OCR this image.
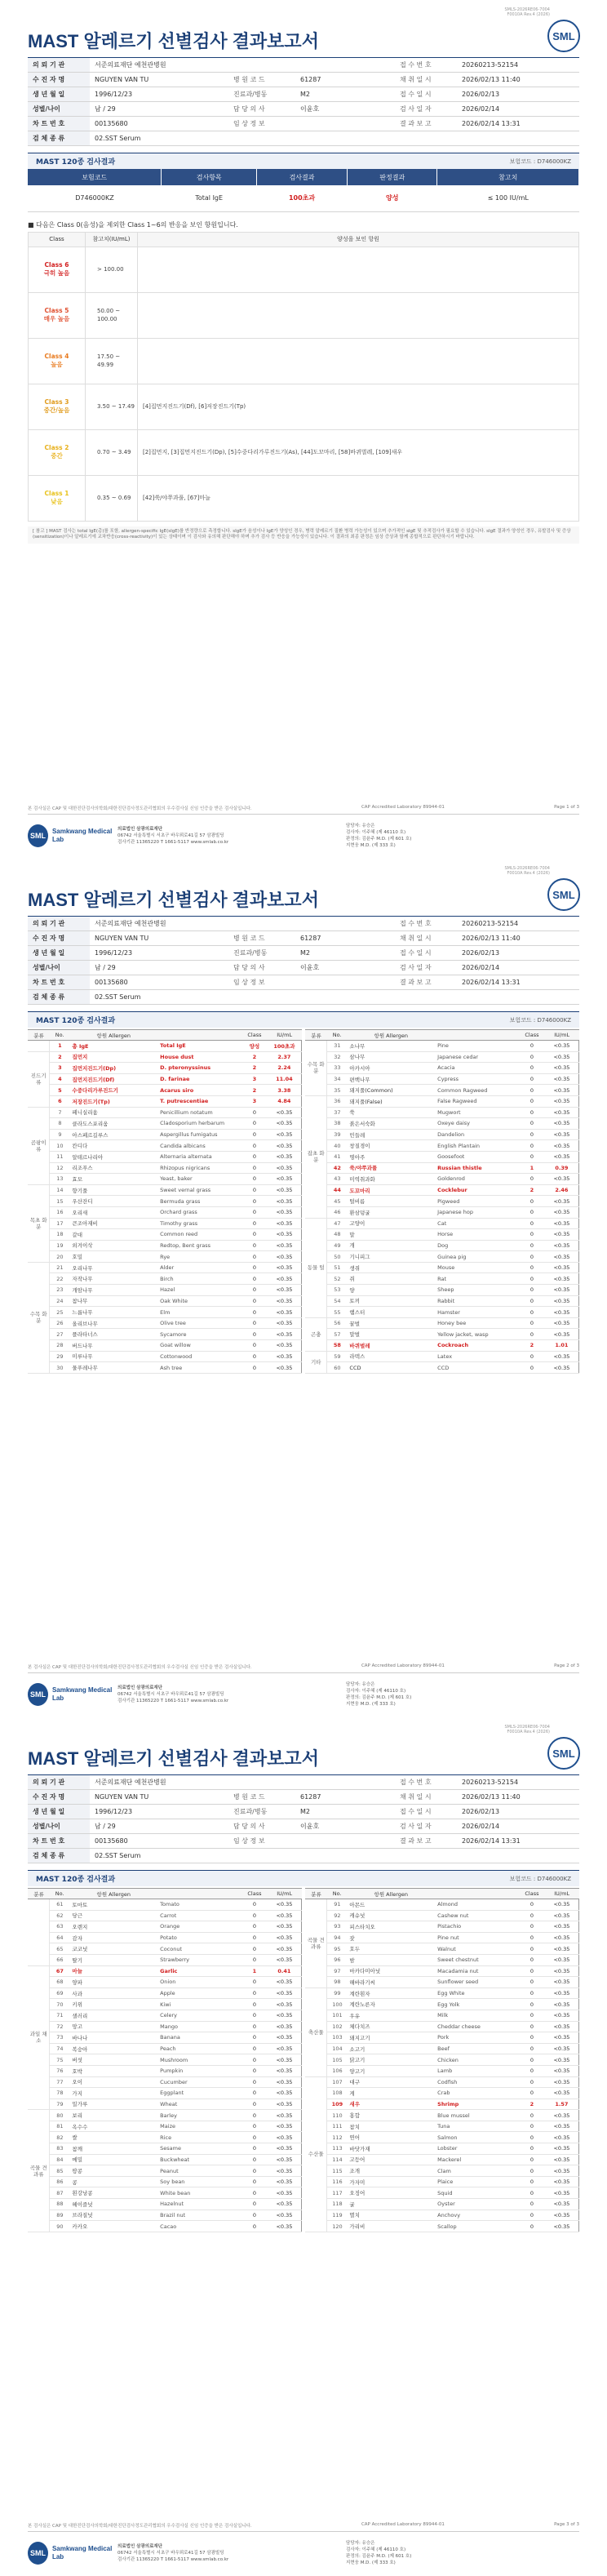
SMLS-2026RE06-7004
F0010A Rev.4 (2026)
SML
MAST 알레르기 선별검사 결과보고서
의 뢰 기 관	서준의료재단 예천관병원			접 수 번 호	20260213-52154
수 진 자 명	NGUYEN VAN TU	병 원 코 드	61287	채 취 일 시	2026/02/13 11:40
생 년 월 일	1996/12/23	진료과/병동	M2	접 수 일 시	2026/02/13
성별/나이	남 / 29	담 당 의 사	이윤호	검 사 일 자	2026/02/14
차 트 번 호	00135680	임 상 정 보		결 과 보 고	2026/02/14 13:31
검 체 종 류	02.SST Serum				
MAST 120종 검사결과	보험코드 : D746000KZ
보험코드	검사항목	검사결과	판정결과	참고치
D746000KZ	Total IgE	100초과	양성	≤ 100 IU/mL
■ 다음은 Class 0(음성)을 제외한 Class 1~6의 반응을 보인 항원입니다.
Class	참고치(IU/mL)	양성을 보인 항원

Class 6
극히 높음	> 100.00	

Class 5
매우 높음	50.00 ~ 100.00	

Class 4
높음	17.50 ~ 49.99	

Class 3
중간/높음	3.50 ~ 17.49	[4]집먼지진드기(Df), [6]저장진드기(Tp)

Class 2
중간	0.70 ~ 3.49	[2]집먼지, [3]집먼지진드기(Dp), [5]수중다리가루진드기(As), [44]도꼬마리, [58]바퀴벌레, [109]새우

Class 1
낮음	0.35 ~ 0.69	[42]쑥/야쭈과풀, [67]마늘
[ 참고 ] MAST 검사는 total IgE(총)를 포함, allergen-specific IgE(sIgE)를 반정량으로 측정합니다. sIgE가 음성이나 IgE가 양성인 경우, 병력 알레르기 질환 병력 가능성이 있으며 추가적인 sIgE 및 추적검사가 필요할 수 있습니다. sIgE 결과가 양성인 경우, 유발검사 및 증상(sensitization)이나 알레르기에 교차반응(cross-reactivity)이 있는 상태이며 이 검사와 유의해 판단해야 하며 추가 검사 등 반응을 가능성이 있습니다. 이 결과의 최종 판정은 임상 증상과 함께 종합적으로 판단하시기 바랍니다.
본 검사실은 CAP 및 대한진단검사의학회/대한진단검사정도관리협회의 우수검사실 신임 인증을 받은 검사실입니다.	CAP Accredited Laboratory 89944-01	Page 1 of 3
SML
Samkwang Medical Lab
의료법인 삼광의료재단
06742 서울특별시 서초구 바우뫼로41길 57 삼광빌딩
검사기관 11365220 T 1661-5117 www.smlab.co.kr
담당자: 유승은
검사자: 이주혜 (제 46110 호)
판정의: 김윤주 M.D. (제 601 호)
지현웅 M.D. (제 333 호)
SMLS-2026RE06-7004
F0010A Rev.4 (2026)
SML
MAST 알레르기 선별검사 결과보고서
의 뢰 기 관	서준의료재단 예천관병원			접 수 번 호	20260213-52154
수 진 자 명	NGUYEN VAN TU	병 원 코 드	61287	채 취 일 시	2026/02/13 11:40
생 년 월 일	1996/12/23	진료과/병동	M2	접 수 일 시	2026/02/13
성별/나이	남 / 29	담 당 의 사	이윤호	검 사 일 자	2026/02/14
차 트 번 호	00135680	임 상 정 보		결 과 보 고	2026/02/14 13:31
검 체 종 류	02.SST Serum				
MAST 120종 검사결과	보험코드 : D746000KZ
분류	No.	항원 Allergen		Class	IU/mL
	1	총 IgE	Total IgE	양성	100초과
진드기 류	2	집먼지	House dust	2	2.37
	3	집먼지진드기(Dp)	D. pteronyssinus	2	2.24
	4	집먼지진드기(Df)	D. farinae	3	11.04
	5	수중다리가루진드기	Acarus siro	2	3.38
	6	저장진드기(Tp)	T. putrescentiae	3	4.84
곰팡이 류	7	페니실리움	Penicillium notatum	0	<0.35
	8	클라도스포리움	Cladosporium herbarum	0	<0.35
	9	아스페르길루스	Aspergillus fumigatus	0	<0.35
	10	칸디다	Candida albicans	0	<0.35
	11	알테르나리아	Alternaria alternata	0	<0.35
	12	리조푸스	Rhizopus nigricans	0	<0.35
	13	효모	Yeast, baker	0	<0.35
목초 화분	14	향기풀	Sweet vernal grass	0	<0.35
	15	우산잔디	Bermuda grass	0	<0.35
	16	오리새	Orchard grass	0	<0.35
	17	큰조아재비	Timothy grass	0	<0.35
	18	갈대	Common reed	0	<0.35
	19	외겨이삭	Redtop, Bent grass	0	<0.35
	20	호밀	Rye	0	<0.35
수목 화분	21	오리나무	Alder	0	<0.35
	22	자작나무	Birch	0	<0.35
	23	개암나무	Hazel	0	<0.35
	24	참나무	Oak White	0	<0.35
	25	느릅나무	Elm	0	<0.35
	26	올리브나무	Olive tree	0	<0.35
	27	플라타너스	Sycamore	0	<0.35
	28	버드나무	Goat willow	0	<0.35
	29	미루나무	Cottonwood	0	<0.35
	30	물푸레나무	Ash tree	0	<0.35
분류	No.	항원 Allergen		Class	IU/mL
수목 화분	31	소나무	Pine	0	<0.35
	32	삼나무	Japanese cedar	0	<0.35
	33	아카시아	Acacia	0	<0.35
	34	편백나무	Cypress	0	<0.35
	35	돼지풀(Common)	Common Ragweed	0	<0.35
잡초 화분	36	돼지풀(False)	False Ragweed	0	<0.35
	37	쑥	Mugwort	0	<0.35
	38	붉은서숙화	Oxeye daisy	0	<0.35
	39	민들레	Dandelion	0	<0.35
	40	창질경이	English Plantain	0	<0.35
	41	명아주	Goosefoot	0	<0.35
	42	쑥/야쭈과풀	Russian thistle	1	0.39
	43	미역취과화	Goldenrod	0	<0.35
	44	도꼬마리	Cocklebur	2	2.46
	45	털비름	Pigweed	0	<0.35
	46	환삼덩굴	Japanese hop	0	<0.35
동물 털	47	고양이	Cat	0	<0.35
	48	말	Horse	0	<0.35
	49	개	Dog	0	<0.35
	50	기니피그	Guinea pig	0	<0.35
	51	생쥐	Mouse	0	<0.35
	52	쥐	Rat	0	<0.35
	53	양	Sheep	0	<0.35
	54	토끼	Rabbit	0	<0.35
	55	햄스터	Hamster	0	<0.35
곤충	56	꿀벌	Honey bee	0	<0.35
	57	말벌	Yellow jacket, wasp	0	<0.35
	58	바퀴벌레	Cockroach	2	1.01
기타	59	라텍스	Latex	0	<0.35
	60	CCD	CCD	0	<0.35
본 검사실은 CAP 및 대한진단검사의학회/대한진단검사정도관리협회의 우수검사실 신임 인증을 받은 검사실입니다.	CAP Accredited Laboratory 89944-01	Page 2 of 3
SML
Samkwang Medical Lab
의료법인 삼광의료재단
06742 서울특별시 서초구 바우뫼로41길 57 삼광빌딩
검사기관 11365220 T 1661-5117 www.smlab.co.kr
담당자: 유승은
검사자: 이주혜 (제 46110 호)
판정의: 김윤주 M.D. (제 601 호)
지현웅 M.D. (제 333 호)
SMLS-2026RE06-7004
F0010A Rev.4 (2026)
SML
MAST 알레르기 선별검사 결과보고서
의 뢰 기 관	서준의료재단 예천관병원			접 수 번 호	20260213-52154
수 진 자 명	NGUYEN VAN TU	병 원 코 드	61287	채 취 일 시	2026/02/13 11:40
생 년 월 일	1996/12/23	진료과/병동	M2	접 수 일 시	2026/02/13
성별/나이	남 / 29	담 당 의 사	이윤호	검 사 일 자	2026/02/14
차 트 번 호	00135680	임 상 정 보		결 과 보 고	2026/02/14 13:31
검 체 종 류	02.SST Serum				
MAST 120종 검사결과	보험코드 : D746000KZ
분류	No.	항원 Allergen		Class	IU/mL
	61	토마토	Tomato	0	<0.35
	62	당근	Carrot	0	<0.35
	63	오렌지	Orange	0	<0.35
	64	감자	Potato	0	<0.35
	65	코코넛	Coconut	0	<0.35
	66	딸기	Strawberry	0	<0.35
과일 채소	67	마늘	Garlic	1	0.41
	68	양파	Onion	0	<0.35
	69	사과	Apple	0	<0.35
	70	키위	Kiwi	0	<0.35
	71	샐러리	Celery	0	<0.35
	72	망고	Mango	0	<0.35
	73	바나나	Banana	0	<0.35
	74	복숭아	Peach	0	<0.35
	75	버섯	Mushroom	0	<0.35
	76	호박	Pumpkin	0	<0.35
	77	오이	Cucumber	0	<0.35
	78	가지	Eggplant	0	<0.35
	79	밀가루	Wheat	0	<0.35
곡물 견과류	80	보리	Barley	0	<0.35
	81	옥수수	Maize	0	<0.35
	82	쌀	Rice	0	<0.35
	83	참깨	Sesame	0	<0.35
	84	메밀	Buckwheat	0	<0.35
	85	땅콩	Peanut	0	<0.35
	86	콩	Soy bean	0	<0.35
	87	흰강낭콩	White bean	0	<0.35
	88	헤이즐넛	Hazelnut	0	<0.35
	89	브라질넛	Brazil nut	0	<0.35
	90	카카오	Cacao	0	<0.35
분류	No.	항원 Allergen		Class	IU/mL
곡물 견과류	91	아몬드	Almond	0	<0.35
	92	캐슈넛	Cashew nut	0	<0.35
	93	피스타치오	Pistachio	0	<0.35
	94	잣	Pine nut	0	<0.35
	95	호두	Walnut	0	<0.35
	96	밤	Sweet chestnut	0	<0.35
	97	마카다미아넛	Macadamia nut	0	<0.35
	98	해바라기씨	Sunflower seed	0	<0.35
축산물	99	계란흰자	Egg White	0	<0.35
	100	계란노른자	Egg Yolk	0	<0.35
	101	우유	Milk	0	<0.35
	102	체다치즈	Cheddar cheese	0	<0.35
	103	돼지고기	Pork	0	<0.35
	104	소고기	Beef	0	<0.35
	105	닭고기	Chicken	0	<0.35
	106	양고기	Lamb	0	<0.35
수산물	107	대구	Codfish	0	<0.35
	108	게	Crab	0	<0.35
	109	새우	Shrimp	2	1.57
	110	홍합	Blue mussel	0	<0.35
	111	참치	Tuna	0	<0.35
	112	연어	Salmon	0	<0.35
	113	바닷가재	Lobster	0	<0.35
	114	고등어	Mackerel	0	<0.35
	115	조개	Clam	0	<0.35
	116	가자미	Plaice	0	<0.35
	117	오징어	Squid	0	<0.35
	118	굴	Oyster	0	<0.35
	119	멸치	Anchovy	0	<0.35
	120	가리비	Scallop	0	<0.35
본 검사실은 CAP 및 대한진단검사의학회/대한진단검사정도관리협회의 우수검사실 신임 인증을 받은 검사실입니다.	CAP Accredited Laboratory 89944-01	Page 3 of 3
SML
Samkwang Medical Lab
의료법인 삼광의료재단
06742 서울특별시 서초구 바우뫼로41길 57 삼광빌딩
검사기관 11365220 T 1661-5117 www.smlab.co.kr
담당자: 유승은
검사자: 이주혜 (제 46110 호)
판정의: 김윤주 M.D. (제 601 호)
지현웅 M.D. (제 333 호)
